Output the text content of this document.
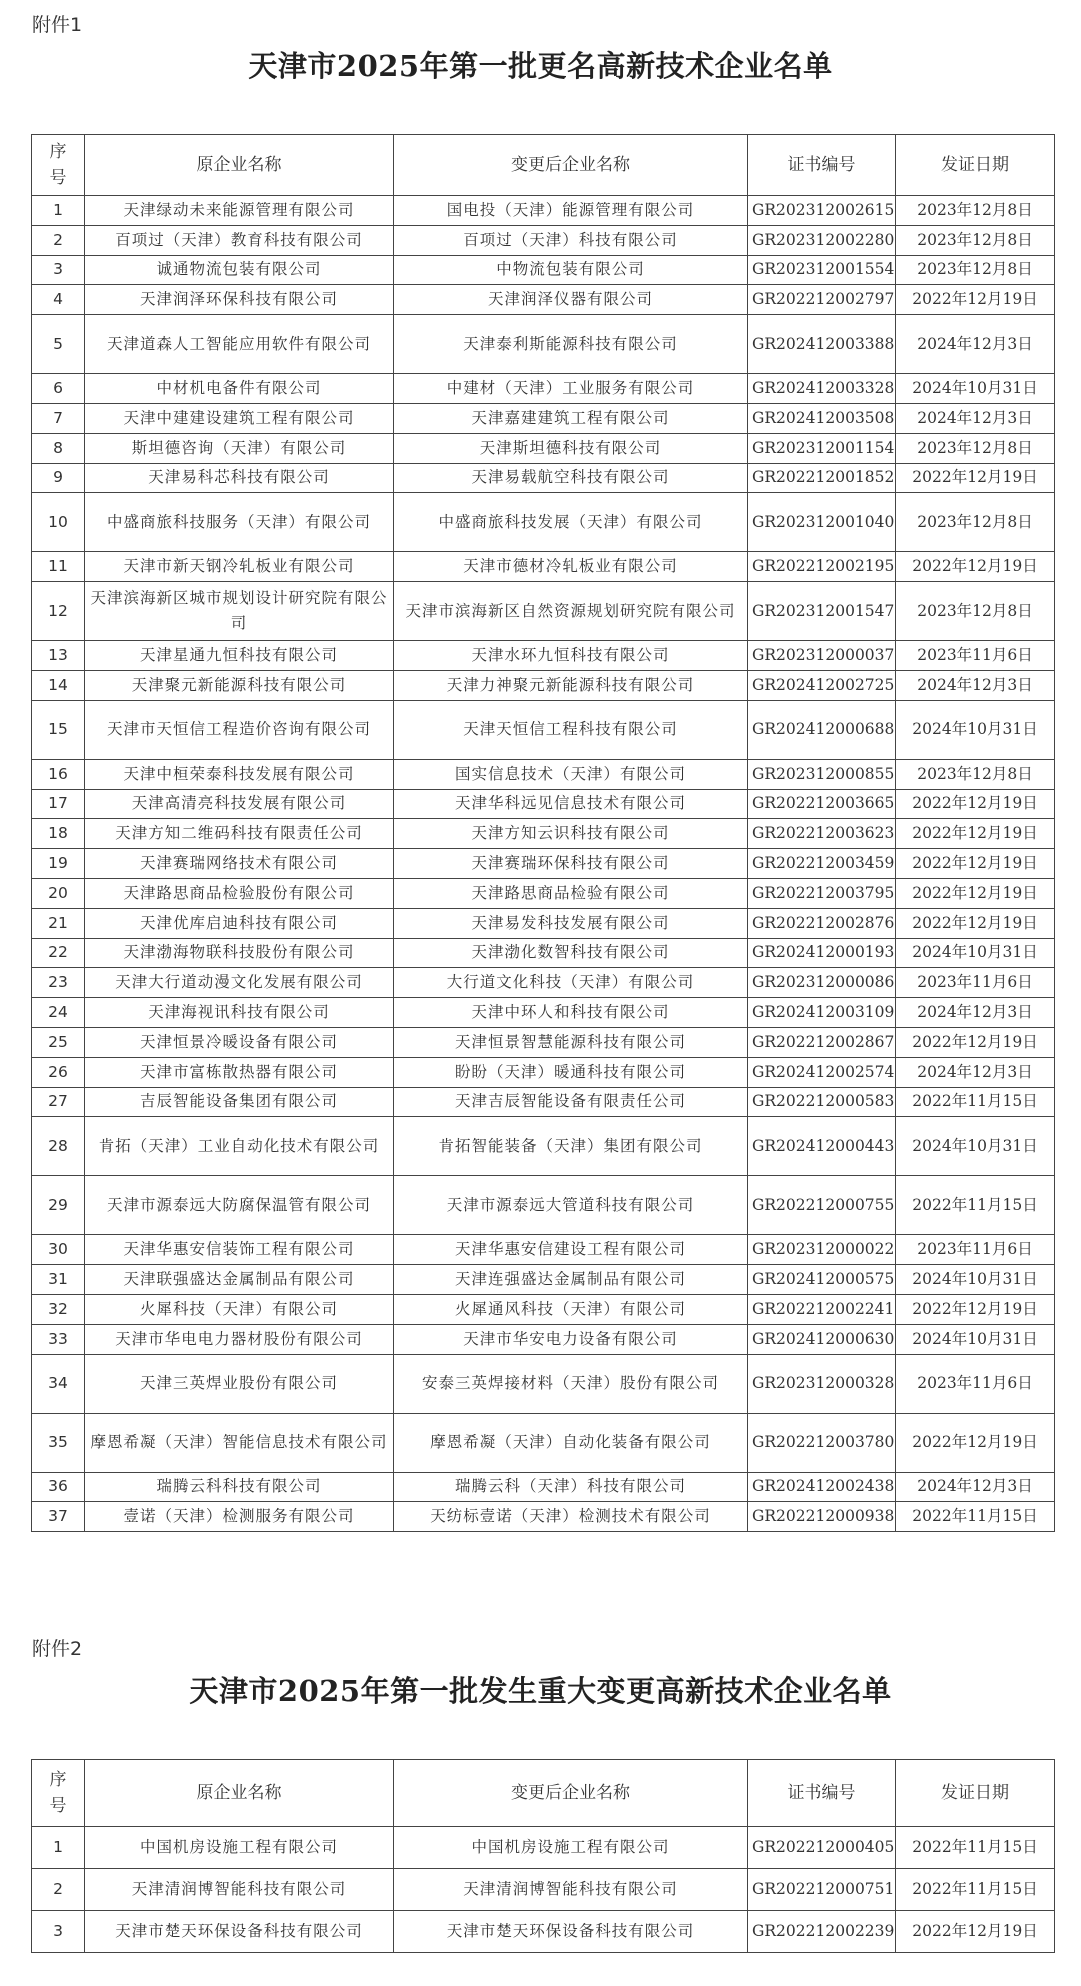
附件1
天津市2025年第一批更名高新技术企业名单
序号	原企业名称	变更后企业名称	证书编号	发证日期
1	天津绿动未来能源管理有限公司	国电投（天津）能源管理有限公司	GR202312002615	2023年12月8日
2	百项过（天津）教育科技有限公司	百项过（天津）科技有限公司	GR202312002280	2023年12月8日
3	诚通物流包装有限公司	中物流包装有限公司	GR202312001554	2023年12月8日
4	天津润泽环保科技有限公司	天津润泽仪器有限公司	GR202212002797	2022年12月19日
5	天津道森人工智能应用软件有限公司	天津泰利斯能源科技有限公司	GR202412003388	2024年12月3日
6	中材机电备件有限公司	中建材（天津）工业服务有限公司	GR202412003328	2024年10月31日
7	天津中建建设建筑工程有限公司	天津嘉建建筑工程有限公司	GR202412003508	2024年12月3日
8	斯坦德咨询（天津）有限公司	天津斯坦德科技有限公司	GR202312001154	2023年12月8日
9	天津易科芯科技有限公司	天津易载航空科技有限公司	GR202212001852	2022年12月19日
10	中盛商旅科技服务（天津）有限公司	中盛商旅科技发展（天津）有限公司	GR202312001040	2023年12月8日
11	天津市新天钢冷轧板业有限公司	天津市德材冷轧板业有限公司	GR202212002195	2022年12月19日
12	天津滨海新区城市规划设计研究院有限公司	天津市滨海新区自然资源规划研究院有限公司	GR202312001547	2023年12月8日
13	天津星通九恒科技有限公司	天津水环九恒科技有限公司	GR202312000037	2023年11月6日
14	天津聚元新能源科技有限公司	天津力神聚元新能源科技有限公司	GR202412002725	2024年12月3日
15	天津市天恒信工程造价咨询有限公司	天津天恒信工程科技有限公司	GR202412000688	2024年10月31日
16	天津中桓荣泰科技发展有限公司	国实信息技术（天津）有限公司	GR202312000855	2023年12月8日
17	天津高清亮科技发展有限公司	天津华科远见信息技术有限公司	GR202212003665	2022年12月19日
18	天津方知二维码科技有限责任公司	天津方知云识科技有限公司	GR202212003623	2022年12月19日
19	天津赛瑞网络技术有限公司	天津赛瑞环保科技有限公司	GR202212003459	2022年12月19日
20	天津路思商品检验股份有限公司	天津路思商品检验有限公司	GR202212003795	2022年12月19日
21	天津优库启迪科技有限公司	天津易发科技发展有限公司	GR202212002876	2022年12月19日
22	天津渤海物联科技股份有限公司	天津渤化数智科技有限公司	GR202412000193	2024年10月31日
23	天津大行道动漫文化发展有限公司	大行道文化科技（天津）有限公司	GR202312000086	2023年11月6日
24	天津海视讯科技有限公司	天津中环人和科技有限公司	GR202412003109	2024年12月3日
25	天津恒景冷暖设备有限公司	天津恒景智慧能源科技有限公司	GR202212002867	2022年12月19日
26	天津市富栋散热器有限公司	盼盼（天津）暖通科技有限公司	GR202412002574	2024年12月3日
27	吉辰智能设备集团有限公司	天津吉辰智能设备有限责任公司	GR202212000583	2022年11月15日
28	肯拓（天津）工业自动化技术有限公司	肯拓智能装备（天津）集团有限公司	GR202412000443	2024年10月31日
29	天津市源泰远大防腐保温管有限公司	天津市源泰远大管道科技有限公司	GR202212000755	2022年11月15日
30	天津华惠安信装饰工程有限公司	天津华惠安信建设工程有限公司	GR202312000022	2023年11月6日
31	天津联强盛达金属制品有限公司	天津连强盛达金属制品有限公司	GR202412000575	2024年10月31日
32	火犀科技（天津）有限公司	火犀通风科技（天津）有限公司	GR202212002241	2022年12月19日
33	天津市华电电力器材股份有限公司	天津市华安电力设备有限公司	GR202412000630	2024年10月31日
34	天津三英焊业股份有限公司	安泰三英焊接材料（天津）股份有限公司	GR202312000328	2023年11月6日
35	摩恩希凝（天津）智能信息技术有限公司	摩恩希凝（天津）自动化装备有限公司	GR202212003780	2022年12月19日
36	瑞腾云科科技有限公司	瑞腾云科（天津）科技有限公司	GR202412002438	2024年12月3日
37	壹诺（天津）检测服务有限公司	天纺标壹诺（天津）检测技术有限公司	GR202212000938	2022年11月15日
附件2
天津市2025年第一批发生重大变更高新技术企业名单
序号	原企业名称	变更后企业名称	证书编号	发证日期
1	中国机房设施工程有限公司	中国机房设施工程有限公司	GR202212000405	2022年11月15日
2	天津清润博智能科技有限公司	天津清润博智能科技有限公司	GR202212000751	2022年11月15日
3	天津市楚天环保设备科技有限公司	天津市楚天环保设备科技有限公司	GR202212002239	2022年12月19日
